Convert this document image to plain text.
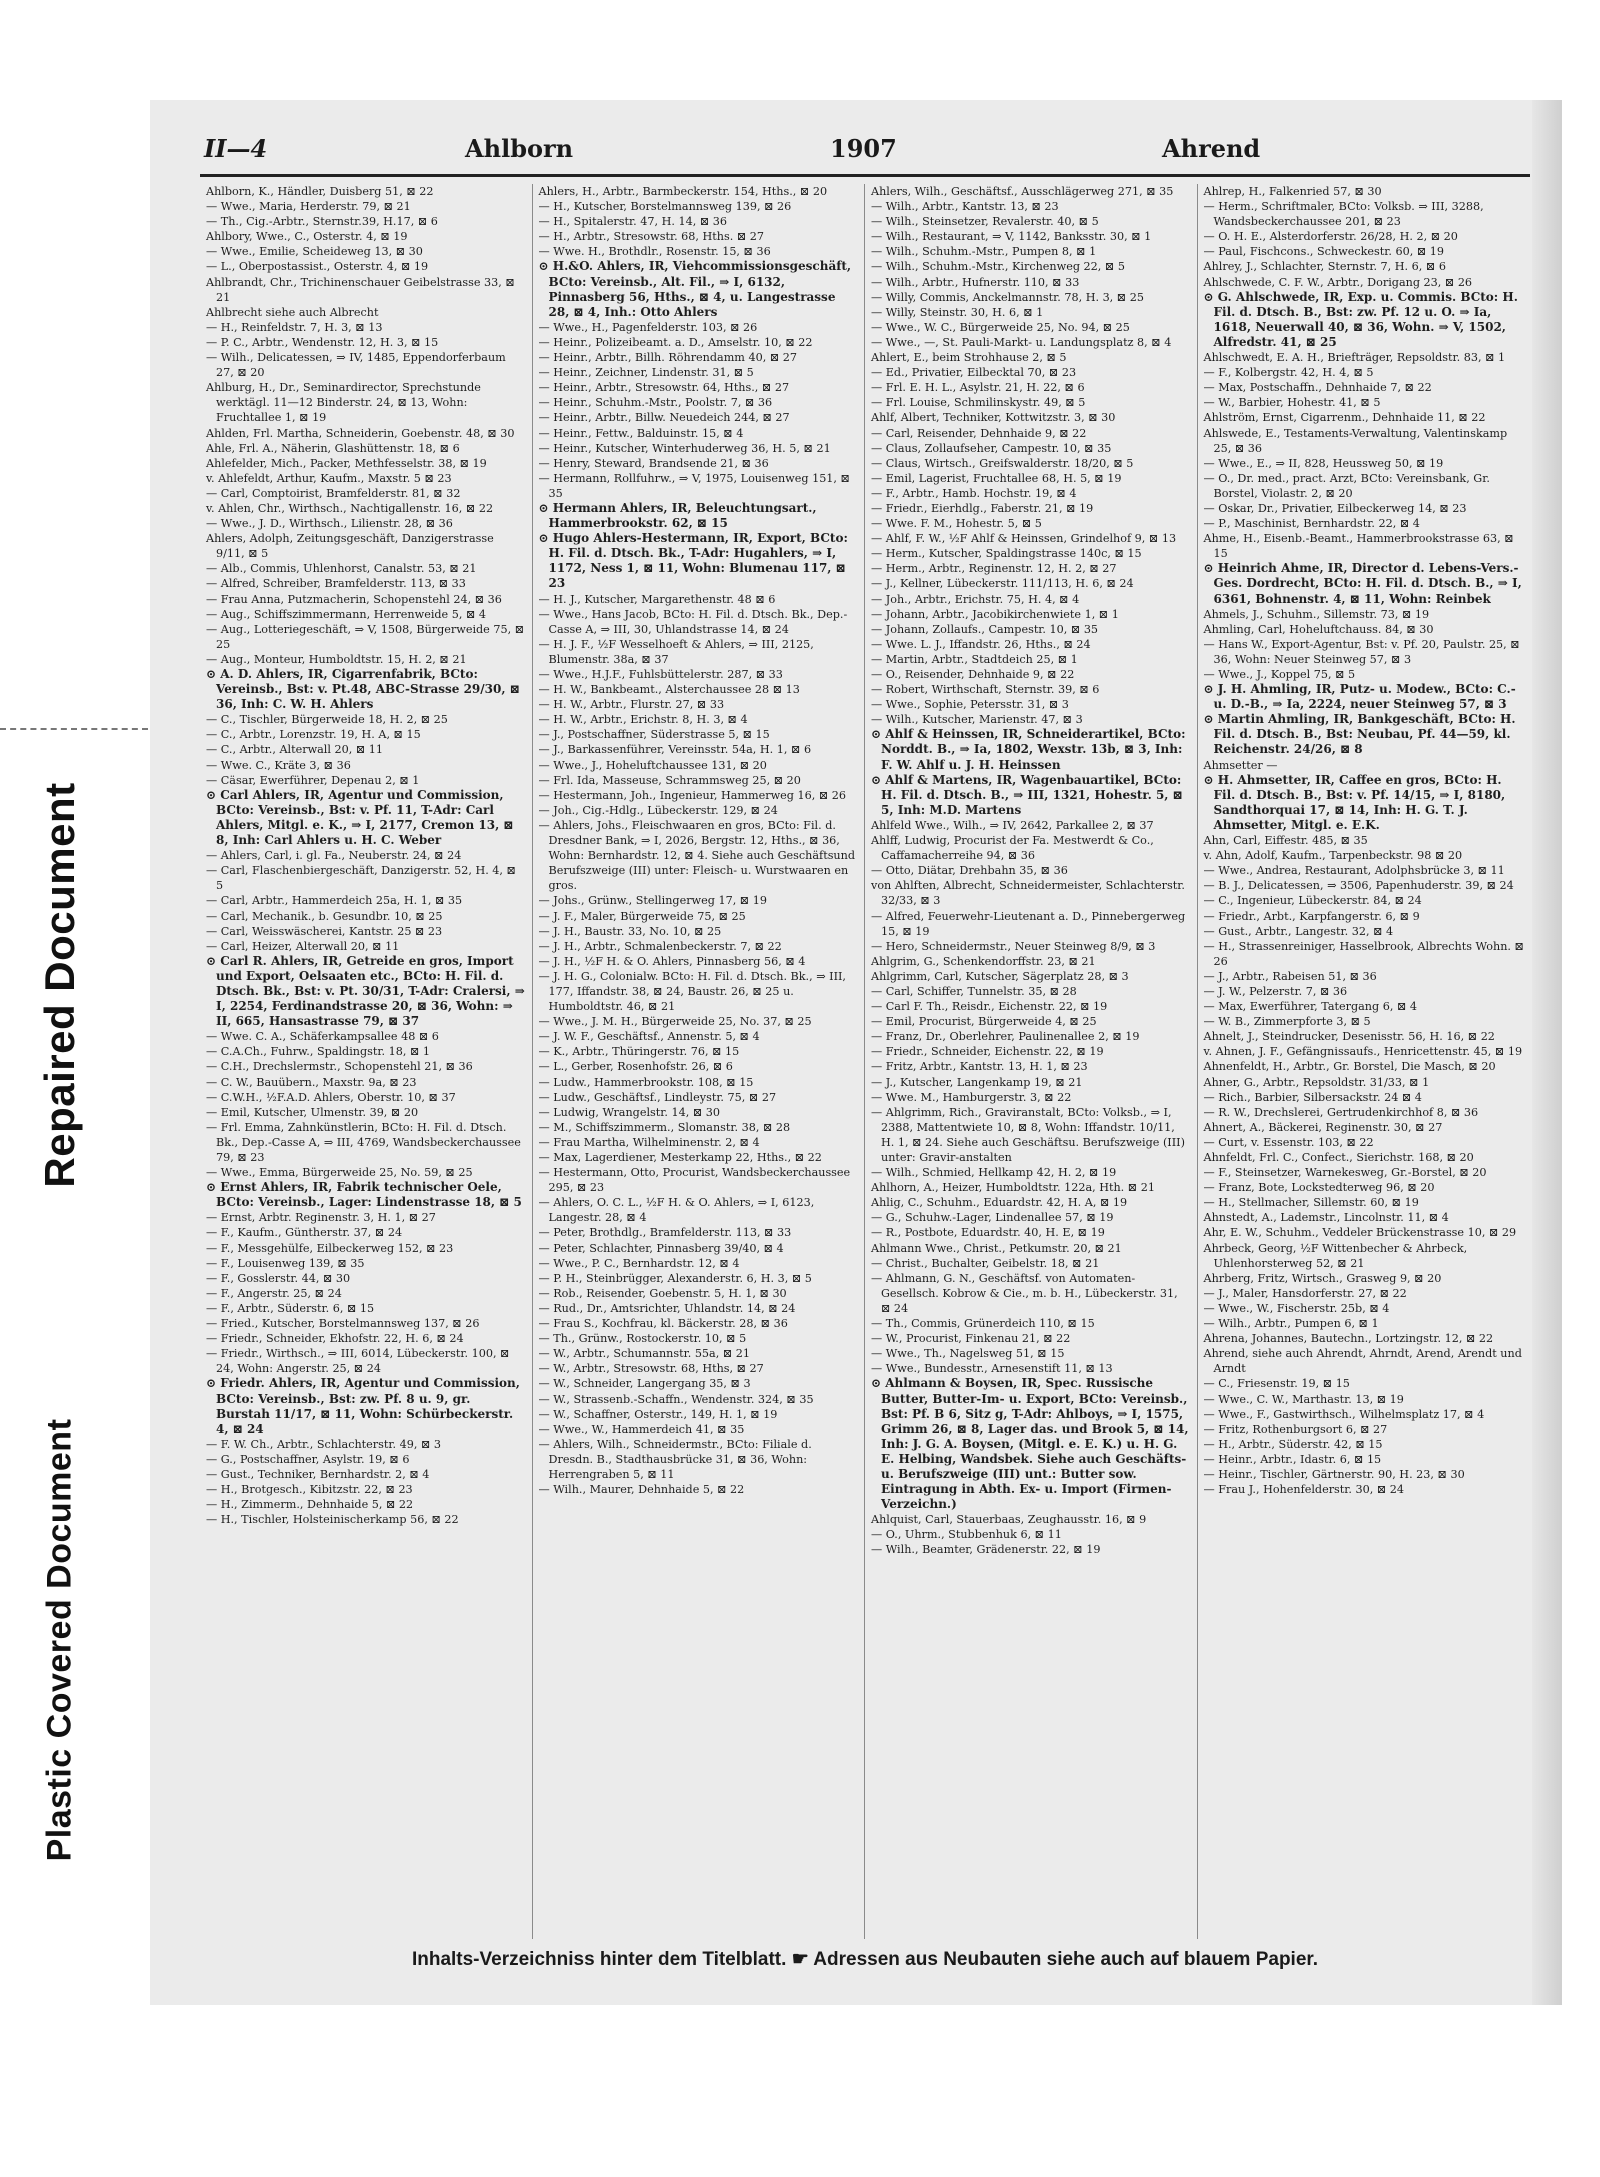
Plastic Covered Document
Repaired Document
II—4	Ahlborn	1907	Ahrend
Ahlborn, K., Händler, Duisberg 51, ⊠ 22
— Wwe., Maria, Herderstr. 79, ⊠ 21
— Th., Cig.-Arbtr., Sternstr.39, H.17, ⊠ 6
Ahlbory, Wwe., C., Osterstr. 4, ⊠ 19
— Wwe., Emilie, Scheideweg 13, ⊠ 30
— L., Oberpostassist., Osterstr. 4, ⊠ 19
Ahlbrandt, Chr., Trichinenschauer Geibelstrasse 33, ⊠ 21
Ahlbrecht siehe auch Albrecht
— H., Reinfeldstr. 7, H. 3, ⊠ 13
— P. C., Arbtr., Wendenstr. 12, H. 3, ⊠ 15
— Wilh., Delicatessen, ⇒ IV, 1485, Eppendorferbaum 27, ⊠ 20
Ahlburg, H., Dr., Seminardirector, Sprechstunde werktägl. 11—12 Binderstr. 24, ⊠ 13, Wohn: Fruchtallee 1, ⊠ 19
Ahlden, Frl. Martha, Schneiderin, Goebenstr. 48, ⊠ 30
Ahle, Frl. A., Näherin, Glashüttenstr. 18, ⊠ 6
Ahlefelder, Mich., Packer, Methfesselstr. 38, ⊠ 19
v. Ahlefeldt, Arthur, Kaufm., Maxstr. 5 ⊠ 23
— Carl, Comptoirist, Bramfelderstr. 81, ⊠ 32
v. Ahlen, Chr., Wirthsch., Nachtigallenstr. 16, ⊠ 22
— Wwe., J. D., Wirthsch., Lilienstr. 28, ⊠ 36
Ahlers, Adolph, Zeitungsgeschäft, Danzigerstrasse 9/11, ⊠ 5
— Alb., Commis, Uhlenhorst, Canalstr. 53, ⊠ 21
— Alfred, Schreiber, Bramfelderstr. 113, ⊠ 33
— Frau Anna, Putzmacherin, Schopenstehl 24, ⊠ 36
— Aug., Schiffszimmermann, Herrenweide 5, ⊠ 4
— Aug., Lotteriegeschäft, ⇒ V, 1508, Bürgerweide 75, ⊠ 25
— Aug., Monteur, Humboldtstr. 15, H. 2, ⊠ 21
⊙ A. D. Ahlers, IR, Cigarrenfabrik, BCto: Vereinsb., Bst: v. Pt.48, ABC-Strasse 29/30, ⊠ 36, Inh: C. W. H. Ahlers
— C., Tischler, Bürgerweide 18, H. 2, ⊠ 25
— C., Arbtr., Lorenzstr. 19, H. A, ⊠ 15
— C., Arbtr., Alterwall 20, ⊠ 11
— Wwe. C., Kräte 3, ⊠ 36
— Cäsar, Ewerführer, Depenau 2, ⊠ 1
⊙ Carl Ahlers, IR, Agentur und Commission, BCto: Vereinsb., Bst: v. Pf. 11, T-Adr: Carl Ahlers, Mitgl. e. K., ⇒ I, 2177, Cremon 13, ⊠ 8, Inh: Carl Ahlers u. H. C. Weber
— Ahlers, Carl, i. gl. Fa., Neuberstr. 24, ⊠ 24
— Carl, Flaschenbiergeschäft, Danzigerstr. 52, H. 4, ⊠ 5
— Carl, Arbtr., Hammerdeich 25a, H. 1, ⊠ 35
— Carl, Mechanik., b. Gesundbr. 10, ⊠ 25
— Carl, Weisswäscherei, Kantstr. 25 ⊠ 23
— Carl, Heizer, Alterwall 20, ⊠ 11
⊙ Carl R. Ahlers, IR, Getreide en gros, Import und Export, Oelsaaten etc., BCto: H. Fil. d. Dtsch. Bk., Bst: v. Pt. 30/31, T-Adr: Cralersi, ⇒ I, 2254, Ferdinandstrasse 20, ⊠ 36, Wohn: ⇒ II, 665, Hansastrasse 79, ⊠ 37
— Wwe. C. A., Schäferkampsallee 48 ⊠ 6
— C.A.Ch., Fuhrw., Spaldingstr. 18, ⊠ 1
— C.H., Drechslermstr., Schopenstehl 21, ⊠ 36
— C. W., Bauübern., Maxstr. 9a, ⊠ 23
— C.W.H., ½F.A.D. Ahlers, Oberstr. 10, ⊠ 37
— Emil, Kutscher, Ulmenstr. 39, ⊠ 20
— Frl. Emma, Zahnkünstlerin, BCto: H. Fil. d. Dtsch. Bk., Dep.-Casse A, ⇒ III, 4769, Wandsbeckerchaussee 79, ⊠ 23
— Wwe., Emma, Bürgerweide 25, No. 59, ⊠ 25
⊙ Ernst Ahlers, IR, Fabrik technischer Oele, BCto: Vereinsb., Lager: Lindenstrasse 18, ⊠ 5
— Ernst, Arbtr. Reginenstr. 3, H. 1, ⊠ 27
— F., Kaufm., Güntherstr. 37, ⊠ 24
— F., Messgehülfe, Eilbeckerweg 152, ⊠ 23
— F., Louisenweg 139, ⊠ 35
— F., Gosslerstr. 44, ⊠ 30
— F., Angerstr. 25, ⊠ 24
— F., Arbtr., Süderstr. 6, ⊠ 15
— Fried., Kutscher, Borstelmannsweg 137, ⊠ 26
— Friedr., Schneider, Ekhofstr. 22, H. 6, ⊠ 24
— Friedr., Wirthsch., ⇒ III, 6014, Lübeckerstr. 100, ⊠ 24, Wohn: Angerstr. 25, ⊠ 24
⊙ Friedr. Ahlers, IR, Agentur und Commission, BCto: Vereinsb., Bst: zw. Pf. 8 u. 9, gr. Burstah 11/17, ⊠ 11, Wohn: Schürbeckerstr. 4, ⊠ 24
— F. W. Ch., Arbtr., Schlachterstr. 49, ⊠ 3
— G., Postschaffner, Asylstr. 19, ⊠ 6
— Gust., Techniker, Bernhardstr. 2, ⊠ 4
— H., Brotgesch., Kibitzstr. 22, ⊠ 23
— H., Zimmerm., Dehnhaide 5, ⊠ 22
— H., Tischler, Holsteinischerkamp 56, ⊠ 22
Ahlers, H., Arbtr., Barmbeckerstr. 154, Hths., ⊠ 20
— H., Kutscher, Borstelmannsweg 139, ⊠ 26
— H., Spitalerstr. 47, H. 14, ⊠ 36
— H., Arbtr., Stresowstr. 68, Hths. ⊠ 27
— Wwe. H., Brothdlr., Rosenstr. 15, ⊠ 36
⊙ H.&O. Ahlers, IR, Viehcommissionsgeschäft, BCto: Vereinsb., Alt. Fil., ⇒ I, 6132, Pinnasberg 56, Hths., ⊠ 4, u. Langestrasse 28, ⊠ 4, Inh.: Otto Ahlers
— Wwe., H., Pagenfelderstr. 103, ⊠ 26
— Heinr., Polizeibeamt. a. D., Amselstr. 10, ⊠ 22
— Heinr., Arbtr., Billh. Röhrendamm 40, ⊠ 27
— Heinr., Zeichner, Lindenstr. 31, ⊠ 5
— Heinr., Arbtr., Stresowstr. 64, Hths., ⊠ 27
— Heinr., Schuhm.-Mstr., Poolstr. 7, ⊠ 36
— Heinr., Arbtr., Billw. Neuedeich 244, ⊠ 27
— Heinr., Fettw., Balduinstr. 15, ⊠ 4
— Heinr., Kutscher, Winterhuderweg 36, H. 5, ⊠ 21
— Henry, Steward, Brandsende 21, ⊠ 36
— Hermann, Rollfuhrw., ⇒ V, 1975, Louisenweg 151, ⊠ 35
⊙ Hermann Ahlers, IR, Beleuchtungsart., Hammerbrookstr. 62, ⊠ 15
⊙ Hugo Ahlers-Hestermann, IR, Export, BCto: H. Fil. d. Dtsch. Bk., T-Adr: Hugahlers, ⇒ I, 1172, Ness 1, ⊠ 11, Wohn: Blumenau 117, ⊠ 23
— H. J., Kutscher, Margarethenstr. 48 ⊠ 6
— Wwe., Hans Jacob, BCto: H. Fil. d. Dtsch. Bk., Dep.-Casse A, ⇒ III, 30, Uhlandstrasse 14, ⊠ 24
— H. J. F., ½F Wesselhoeft & Ahlers, ⇒ III, 2125, Blumenstr. 38a, ⊠ 37
— Wwe., H.J.F., Fuhlsbüttelerstr. 287, ⊠ 33
— H. W., Bankbeamt., Alsterchaussee 28 ⊠ 13
— H. W., Arbtr., Flurstr. 27, ⊠ 33
— H. W., Arbtr., Erichstr. 8, H. 3, ⊠ 4
— J., Postschaffner, Süderstrasse 5, ⊠ 15
— J., Barkassenführer, Vereinsstr. 54a, H. 1, ⊠ 6
— Wwe., J., Hoheluftchaussee 131, ⊠ 20
— Frl. Ida, Masseuse, Schrammsweg 25, ⊠ 20
— Hestermann, Joh., Ingenieur, Hammerweg 16, ⊠ 26
— Joh., Cig.-Hdlg., Lübeckerstr. 129, ⊠ 24
— Ahlers, Johs., Fleischwaaren en gros, BCto: Fil. d. Dresdner Bank, ⇒ I, 2026, Bergstr. 12, Hths., ⊠ 36, Wohn: Bernhardstr. 12, ⊠ 4. Siehe auch Geschäftsund Berufszweige (III) unter: Fleisch- u. Wurstwaaren en gros.
— Johs., Grünw., Stellingerweg 17, ⊠ 19
— J. F., Maler, Bürgerweide 75, ⊠ 25
— J. H., Baustr. 33, No. 10, ⊠ 25
— J. H., Arbtr., Schmalenbeckerstr. 7, ⊠ 22
— J. H., ½F H. & O. Ahlers, Pinnasberg 56, ⊠ 4
— J. H. G., Colonialw. BCto: H. Fil. d. Dtsch. Bk., ⇒ III, 177, Iffandstr. 38, ⊠ 24, Baustr. 26, ⊠ 25 u. Humboldtstr. 46, ⊠ 21
— Wwe., J. M. H., Bürgerweide 25, No. 37, ⊠ 25
— J. W. F., Geschäftsf., Annenstr. 5, ⊠ 4
— K., Arbtr., Thüringerstr. 76, ⊠ 15
— L., Gerber, Rosenhofstr. 26, ⊠ 6
— Ludw., Hammerbrookstr. 108, ⊠ 15
— Ludw., Geschäftsf., Lindleystr. 75, ⊠ 27
— Ludwig, Wrangelstr. 14, ⊠ 30
— M., Schiffszimmerm., Slomanstr. 38, ⊠ 28
— Frau Martha, Wilhelminenstr. 2, ⊠ 4
— Max, Lagerdiener, Mesterkamp 22, Hths., ⊠ 22
— Hestermann, Otto, Procurist, Wandsbeckerchaussee 295, ⊠ 23
— Ahlers, O. C. L., ½F H. & O. Ahlers, ⇒ I, 6123, Langestr. 28, ⊠ 4
— Peter, Brothdlg., Bramfelderstr. 113, ⊠ 33
— Peter, Schlachter, Pinnasberg 39/40, ⊠ 4
— Wwe., P. C., Bernhardstr. 12, ⊠ 4
— P. H., Steinbrügger, Alexanderstr. 6, H. 3, ⊠ 5
— Rob., Reisender, Goebenstr. 5, H. 1, ⊠ 30
— Rud., Dr., Amtsrichter, Uhlandstr. 14, ⊠ 24
— Frau S., Kochfrau, kl. Bäckerstr. 28, ⊠ 36
— Th., Grünw., Rostockerstr. 10, ⊠ 5
— W., Arbtr., Schumannstr. 55a, ⊠ 21
— W., Arbtr., Stresowstr. 68, Hths, ⊠ 27
— W., Schneider, Langergang 35, ⊠ 3
— W., Strassenb.-Schaffn., Wendenstr. 324, ⊠ 35
— W., Schaffner, Osterstr., 149, H. 1, ⊠ 19
— Wwe., W., Hammerdeich 41, ⊠ 35
— Ahlers, Wilh., Schneidermstr., BCto: Filiale d. Dresdn. B., Stadthausbrücke 31, ⊠ 36, Wohn: Herrengraben 5, ⊠ 11
— Wilh., Maurer, Dehnhaide 5, ⊠ 22
Ahlers, Wilh., Geschäftsf., Ausschlägerweg 271, ⊠ 35
— Wilh., Arbtr., Kantstr. 13, ⊠ 23
— Wilh., Steinsetzer, Revalerstr. 40, ⊠ 5
— Wilh., Restaurant, ⇒ V, 1142, Banksstr. 30, ⊠ 1
— Wilh., Schuhm.-Mstr., Pumpen 8, ⊠ 1
— Wilh., Schuhm.-Mstr., Kirchenweg 22, ⊠ 5
— Wilh., Arbtr., Hufnerstr. 110, ⊠ 33
— Willy, Commis, Anckelmannstr. 78, H. 3, ⊠ 25
— Willy, Steinstr. 30, H. 6, ⊠ 1
— Wwe., W. C., Bürgerweide 25, No. 94, ⊠ 25
— Wwe., —, St. Pauli-Markt- u. Landungsplatz 8, ⊠ 4
Ahlert, E., beim Strohhause 2, ⊠ 5
— Ed., Privatier, Eilbecktal 70, ⊠ 23
— Frl. E. H. L., Asylstr. 21, H. 22, ⊠ 6
— Frl. Louise, Schmilinskystr. 49, ⊠ 5
Ahlf, Albert, Techniker, Kottwitzstr. 3, ⊠ 30
— Carl, Reisender, Dehnhaide 9, ⊠ 22
— Claus, Zollaufseher, Campestr. 10, ⊠ 35
— Claus, Wirtsch., Greifswalderstr. 18/20, ⊠ 5
— Emil, Lagerist, Fruchtallee 68, H. 5, ⊠ 19
— F., Arbtr., Hamb. Hochstr. 19, ⊠ 4
— Friedr., Eierhdlg., Faberstr. 21, ⊠ 19
— Wwe. F. M., Hohestr. 5, ⊠ 5
— Ahlf, F. W., ½F Ahlf & Heinssen, Grindelhof 9, ⊠ 13
— Herm., Kutscher, Spaldingstrasse 140c, ⊠ 15
— Herm., Arbtr., Reginenstr. 12, H. 2, ⊠ 27
— J., Kellner, Lübeckerstr. 111/113, H. 6, ⊠ 24
— Joh., Arbtr., Erichstr. 75, H. 4, ⊠ 4
— Johann, Arbtr., Jacobikirchenwiete 1, ⊠ 1
— Johann, Zollaufs., Campestr. 10, ⊠ 35
— Wwe. L. J., Iffandstr. 26, Hths., ⊠ 24
— Martin, Arbtr., Stadtdeich 25, ⊠ 1
— O., Reisender, Dehnhaide 9, ⊠ 22
— Robert, Wirthschaft, Sternstr. 39, ⊠ 6
— Wwe., Sophie, Petersstr. 31, ⊠ 3
— Wilh., Kutscher, Marienstr. 47, ⊠ 3
⊙ Ahlf & Heinssen, IR, Schneiderartikel, BCto: Norddt. B., ⇒ Ia, 1802, Wexstr. 13b, ⊠ 3, Inh: F. W. Ahlf u. J. H. Heinssen
⊙ Ahlf & Martens, IR, Wagenbauartikel, BCto: H. Fil. d. Dtsch. B., ⇒ III, 1321, Hohestr. 5, ⊠ 5, Inh: M.D. Martens
Ahlfeld Wwe., Wilh., ⇒ IV, 2642, Parkallee 2, ⊠ 37
Ahlff, Ludwig, Procurist der Fa. Mestwerdt & Co., Caffamacherreihe 94, ⊠ 36
— Otto, Diätar, Drehbahn 35, ⊠ 36
von Ahlften, Albrecht, Schneidermeister, Schlachterstr. 32/33, ⊠ 3
— Alfred, Feuerwehr-Lieutenant a. D., Pinnebergerweg 15, ⊠ 19
— Hero, Schneidermstr., Neuer Steinweg 8/9, ⊠ 3
Ahlgrim, G., Schenkendorffstr. 23, ⊠ 21
Ahlgrimm, Carl, Kutscher, Sägerplatz 28, ⊠ 3
— Carl, Schiffer, Tunnelstr. 35, ⊠ 28
— Carl F. Th., Reisdr., Eichenstr. 22, ⊠ 19
— Emil, Procurist, Bürgerweide 4, ⊠ 25
— Franz, Dr., Oberlehrer, Paulinenallee 2, ⊠ 19
— Friedr., Schneider, Eichenstr. 22, ⊠ 19
— Fritz, Arbtr., Kantstr. 13, H. 1, ⊠ 23
— J., Kutscher, Langenkamp 19, ⊠ 21
— Wwe. M., Hamburgerstr. 3, ⊠ 22
— Ahlgrimm, Rich., Graviranstalt, BCto: Volksb., ⇒ I, 2388, Mattentwiete 10, ⊠ 8, Wohn: Iffandstr. 10/11, H. 1, ⊠ 24. Siehe auch Geschäftsu. Berufszweige (III) unter: Gravir-anstalten
— Wilh., Schmied, Hellkamp 42, H. 2, ⊠ 19
Ahlhorn, A., Heizer, Humboldtstr. 122a, Hth. ⊠ 21
Ahlig, C., Schuhm., Eduardstr. 42, H. A, ⊠ 19
— G., Schuhw.-Lager, Lindenallee 57, ⊠ 19
— R., Postbote, Eduardstr. 40, H. E, ⊠ 19
Ahlmann Wwe., Christ., Petkumstr. 20, ⊠ 21
— Christ., Buchalter, Geibelstr. 18, ⊠ 21
— Ahlmann, G. N., Geschäftsf. von Automaten-Gesellsch. Kobrow & Cie., m. b. H., Lübeckerstr. 31, ⊠ 24
— Th., Commis, Grünerdeich 110, ⊠ 15
— W., Procurist, Finkenau 21, ⊠ 22
— Wwe., Th., Nagelsweg 51, ⊠ 15
— Wwe., Bundesstr., Arnesenstift 11, ⊠ 13
⊙ Ahlmann & Boysen, IR, Spec. Russische Butter, Butter-Im- u. Export, BCto: Vereinsb., Bst: Pf. B 6, Sitz g, T-Adr: Ahlboys, ⇒ I, 1575, Grimm 26, ⊠ 8, Lager das. und Brook 5, ⊠ 14, Inh: J. G. A. Boysen, (Mitgl. e. E. K.) u. H. G. E. Helbing, Wandsbek. Siehe auch Geschäfts- u. Berufszweige (III) unt.: Butter sow. Eintragung in Abth. Ex- u. Import (Firmen-Verzeichn.)
Ahlquist, Carl, Stauerbaas, Zeughausstr. 16, ⊠ 9
— O., Uhrm., Stubbenhuk 6, ⊠ 11
— Wilh., Beamter, Grädenerstr. 22, ⊠ 19
Ahlrep, H., Falkenried 57, ⊠ 30
— Herm., Schriftmaler, BCto: Volksb. ⇒ III, 3288, Wandsbeckerchaussee 201, ⊠ 23
— O. H. E., Alsterdorferstr. 26/28, H. 2, ⊠ 20
— Paul, Fischcons., Schweckestr. 60, ⊠ 19
Ahlrey, J., Schlachter, Sternstr. 7, H. 6, ⊠ 6
Ahlschwede, C. F. W., Arbtr., Dorigang 23, ⊠ 26
⊙ G. Ahlschwede, IR, Exp. u. Commis. BCto: H. Fil. d. Dtsch. B., Bst: zw. Pf. 12 u. O. ⇒ Ia, 1618, Neuerwall 40, ⊠ 36, Wohn. ⇒ V, 1502, Alfredstr. 41, ⊠ 25
Ahlschwedt, E. A. H., Briefträger, Repsoldstr. 83, ⊠ 1
— F., Kolbergstr. 42, H. 4, ⊠ 5
— Max, Postschaffn., Dehnhaide 7, ⊠ 22
— W., Barbier, Hohestr. 41, ⊠ 5
Ahlström, Ernst, Cigarrenm., Dehnhaide 11, ⊠ 22
Ahlswede, E., Testaments-Verwaltung, Valentinskamp 25, ⊠ 36
— Wwe., E., ⇒ II, 828, Heussweg 50, ⊠ 19
— O., Dr. med., pract. Arzt, BCto: Vereinsbank, Gr. Borstel, Violastr. 2, ⊠ 20
— Oskar, Dr., Privatier, Eilbeckerweg 14, ⊠ 23
— P., Maschinist, Bernhardstr. 22, ⊠ 4
Ahme, H., Eisenb.-Beamt., Hammerbrookstrasse 63, ⊠ 15
⊙ Heinrich Ahme, IR, Director d. Lebens-Vers.-Ges. Dordrecht, BCto: H. Fil. d. Dtsch. B., ⇒ I, 6361, Bohnenstr. 4, ⊠ 11, Wohn: Reinbek
Ahmels, J., Schuhm., Sillemstr. 73, ⊠ 19
Ahmling, Carl, Hoheluftchauss. 84, ⊠ 30
— Hans W., Export-Agentur, Bst: v. Pf. 20, Paulstr. 25, ⊠ 36, Wohn: Neuer Steinweg 57, ⊠ 3
— Wwe., J., Koppel 75, ⊠ 5
⊙ J. H. Ahmling, IR, Putz- u. Modew., BCto: C.- u. D.-B., ⇒ Ia, 2224, neuer Steinweg 57, ⊠ 3
⊙ Martin Ahmling, IR, Bankgeschäft, BCto: H. Fil. d. Dtsch. B., Bst: Neubau, Pf. 44—59, kl. Reichenstr. 24/26, ⊠ 8
Ahmsetter —
⊙ H. Ahmsetter, IR, Caffee en gros, BCto: H. Fil. d. Dtsch. B., Bst: v. Pf. 14/15, ⇒ I, 8180, Sandthorquai 17, ⊠ 14, Inh: H. G. T. J. Ahmsetter, Mitgl. e. E.K.
Ahn, Carl, Eiffestr. 485, ⊠ 35
v. Ahn, Adolf, Kaufm., Tarpenbeckstr. 98 ⊠ 20
— Wwe., Andrea, Restaurant, Adolphsbrücke 3, ⊠ 11
— B. J., Delicatessen, ⇒ 3506, Papenhuderstr. 39, ⊠ 24
— C., Ingenieur, Lübeckerstr. 84, ⊠ 24
— Friedr., Arbt., Karpfangerstr. 6, ⊠ 9
— Gust., Arbtr., Langestr. 32, ⊠ 4
— H., Strassenreiniger, Hasselbrook, Albrechts Wohn. ⊠ 26
— J., Arbtr., Rabeisen 51, ⊠ 36
— J. W., Pelzerstr. 7, ⊠ 36
— Max, Ewerführer, Tatergang 6, ⊠ 4
— W. B., Zimmerpforte 3, ⊠ 5
Ahnelt, J., Steindrucker, Desenisstr. 56, H. 16, ⊠ 22
v. Ahnen, J. F., Gefängnissaufs., Henricettenstr. 45, ⊠ 19
Ahnenfeldt, H., Arbtr., Gr. Borstel, Die Masch, ⊠ 20
Ahner, G., Arbtr., Repsoldstr. 31/33, ⊠ 1
— Rich., Barbier, Silbersackstr. 24 ⊠ 4
— R. W., Drechslerei, Gertrudenkirchhof 8, ⊠ 36
Ahnert, A., Bäckerei, Reginenstr. 30, ⊠ 27
— Curt, v. Essenstr. 103, ⊠ 22
Ahnfeldt, Frl. C., Confect., Sierichstr. 168, ⊠ 20
— F., Steinsetzer, Warnekesweg, Gr.-Borstel, ⊠ 20
— Franz, Bote, Lockstedterweg 96, ⊠ 20
— H., Stellmacher, Sillemstr. 60, ⊠ 19
Ahnstedt, A., Lademstr., Lincolnstr. 11, ⊠ 4
Ahr, E. W., Schuhm., Veddeler Brückenstrasse 10, ⊠ 29
Ahrbeck, Georg, ½F Wittenbecher & Ahrbeck, Uhlenhorsterweg 52, ⊠ 21
Ahrberg, Fritz, Wirtsch., Grasweg 9, ⊠ 20
— J., Maler, Hansdorferstr. 27, ⊠ 22
— Wwe., W., Fischerstr. 25b, ⊠ 4
— Wilh., Arbtr., Pumpen 6, ⊠ 1
Ahrena, Johannes, Bautechn., Lortzingstr. 12, ⊠ 22
Ahrend, siehe auch Ahrendt, Ahrndt, Arend, Arendt und Arndt
— C., Friesenstr. 19, ⊠ 15
— Wwe., C. W., Marthastr. 13, ⊠ 19
— Wwe., F., Gastwirthsch., Wilhelmsplatz 17, ⊠ 4
— Fritz, Rothenburgsort 6, ⊠ 27
— H., Arbtr., Süderstr. 42, ⊠ 15
— Heinr., Arbtr., Idastr. 6, ⊠ 15
— Heinr., Tischler, Gärtnerstr. 90, H. 23, ⊠ 30
— Frau J., Hohenfelderstr. 30, ⊠ 24
Inhalts-Verzeichniss hinter dem Titelblatt. ☛ Adressen aus Neubauten siehe auch auf blauem Papier.
